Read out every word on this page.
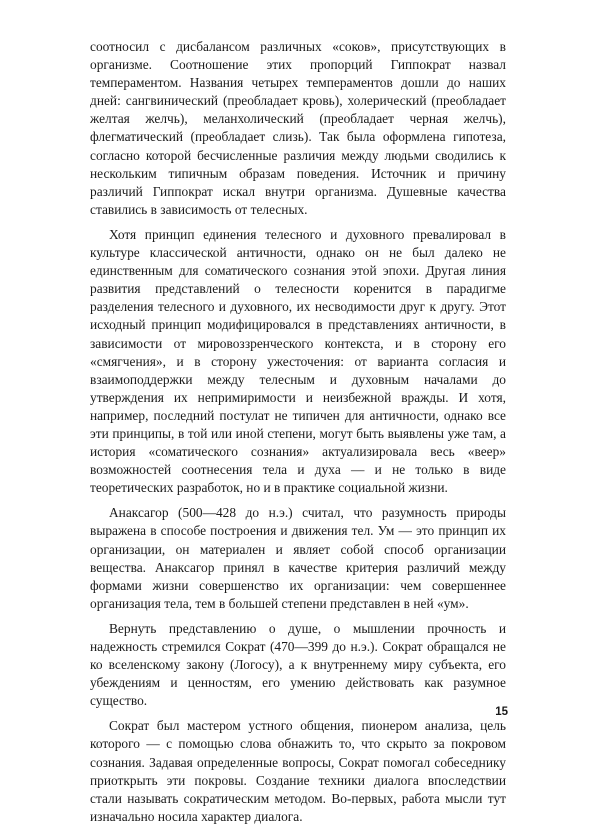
соотносил с дисбалансом различных «соков», присутствующих в организме. Соотношение этих пропорций Гиппократ назвал темпераментом. Названия четырех темпераментов дошли до наших дней: сангвинический (преобладает кровь), холерический (преобладает желтая желчь), меланхолический (преобладает черная желчь), флегматический (преобладает слизь). Так была оформлена гипотеза, согласно которой бесчисленные различия между людьми сводились к нескольким типичным образам поведения. Источник и причину различий Гиппократ искал внутри организма. Душевные качества ставились в зависимость от телесных.

Хотя принцип единения телесного и духовного превалировал в культуре классической античности, однако он не был далеко не единственным для соматического сознания этой эпохи. Другая линия развития представлений о телесности коренится в парадигме разделения телесного и духовного, их несводимости друг к другу. Этот исходный принцип модифицировался в представлениях античности, в зависимости от мировоззренческого контекста, и в сторону его «смягчения», и в сторону ужесточения: от варианта согласия и взаимоподдержки между телесным и духовным началами до утверждения их непримиримости и неизбежной вражды. И хотя, например, последний постулат не типичен для античности, однако все эти принципы, в той или иной степени, могут быть выявлены уже там, а история «соматического сознания» актуализировала весь «веер» возможностей соотнесения тела и духа — и не только в виде теоретических разработок, но и в практике социальной жизни.

Анаксагор (500—428 до н.э.) считал, что разумность природы выражена в способе построения и движения тел. Ум — это принцип их организации, он материален и являет собой способ организации вещества. Анаксагор принял в качестве критерия различий между формами жизни совершенство их организации: чем совершеннее организация тела, тем в большей степени представлен в ней «ум».

Вернуть представлению о душе, о мышлении прочность и надежность стремился Сократ (470—399 до н.э.). Сократ обращался не ко вселенскому закону (Логосу), а к внутреннему миру субъекта, его убеждениям и ценностям, его умению действовать как разумное существо.

Сократ был мастером устного общения, пионером анализа, цель которого — с помощью слова обнажить то, что скрыто за покровом сознания. Задавая определенные вопросы, Сократ помогал собеседнику приоткрыть эти покровы. Создание техники диалога впоследствии стали называть сократическим методом. Во-первых, работа мысли тут изначально носила характер диалога.

15
